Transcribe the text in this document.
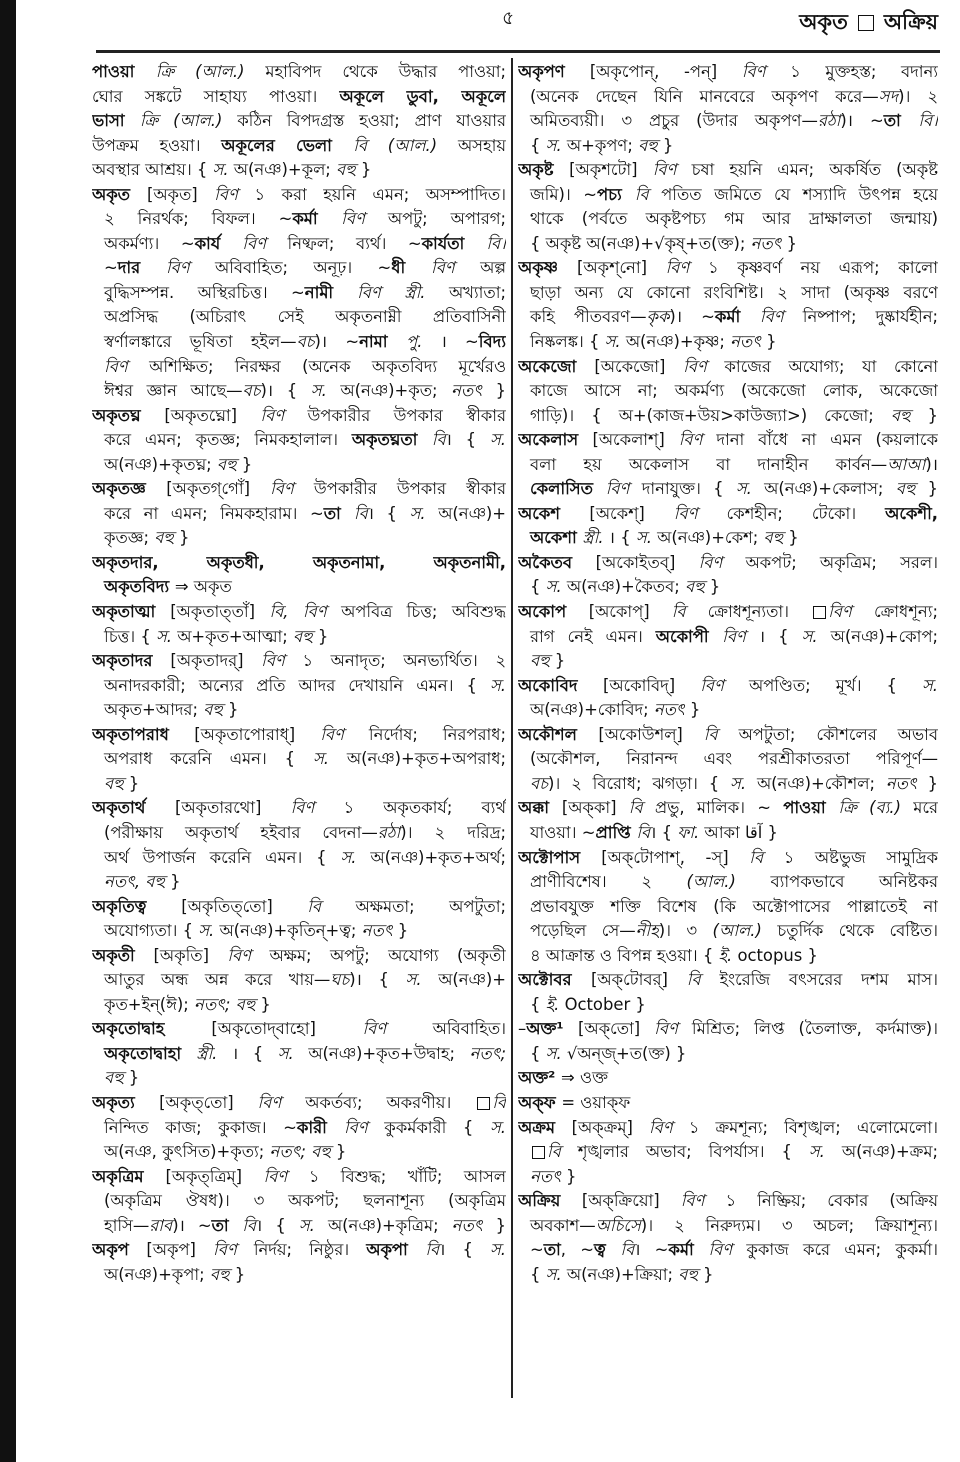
৫	অকৃত অক্রিয়
পাওয়া ক্রি (আল.) মহাবিপদ থেকে উদ্ধার পাওয়া;
ঘোর সঙ্কটে সাহায্য পাওয়া। অকূলে ডুবা, অকূলে
ভাসা ক্রি (আল.) কঠিন বিপদগ্রস্ত হওয়া; প্রাণ যাওয়ার
উপক্রম হওয়া। অকূলের ভেলা বি (আল.) অসহায়
অবস্থার আশ্রয়। { স. অ(নঞ)+কূল; বহু }
অকৃত [অকৃত] বিণ ১ করা হয়নি এমন; অসম্পাদিত।
২ নিরর্থক; বিফল। ~কর্মা বিণ অপটু; অপারগ;
অকর্মণ্য। ~কার্য বিণ নিষ্ফল; ব্যর্থ। ~কার্যতা বি।
~দার বিণ অবিবাহিত; অনূঢ়। ~ধী বিণ অল্প
বুদ্ধিসম্পন্ন. অস্থিরচিত্ত। ~নামী বিণ স্ত্রী. অখ্যাতা;
অপ্রসিদ্ধ (অচিরাৎ সেই অকৃতনাম্নী প্রতিবাসিনী
স্বর্ণালঙ্কারে ভূষিতা হইল—বচ)। ~নামা পু. । ~বিদ্য
বিণ অশিক্ষিত; নিরক্ষর (অনেক অকৃতবিদ্য মূর্খেরও
ঈশ্বর জ্ঞান আছে—বচ)। { স. অ(নঞ)+কৃত; নতৎ }
অকৃতঘ্ন [অকৃতঘ্নো] বিণ উপকারীর উপকার স্বীকার
করে এমন; কৃতজ্ঞ; নিমকহালাল। অকৃতঘ্নতা বি। { স.
অ(নঞ)+কৃতঘ্ন; বহু }
অকৃতজ্ঞ [অকৃতগ্‌গোঁ] বিণ উপকারীর উপকার স্বীকার
করে না এমন; নিমকহারাম। ~তা বি। { স. অ(নঞ)+
কৃতজ্ঞ; বহু }
অকৃতদার, অকৃতধী, অকৃতনামা, অকৃতনামী,
অকৃতবিদ্য ⇒ অকৃত
অকৃতাত্মা [অকৃতাত্‌তাঁ] বি, বিণ অপবিত্র চিত্ত; অবিশুদ্ধ
চিত্ত। { স. অ+কৃত+আত্মা; বহু }
অকৃতাদর [অকৃতাদর্] বিণ ১ অনাদৃত; অনভ্যর্থিত। ২
অনাদরকারী; অন্যের প্রতি আদর দেখায়নি এমন। { স.
অকৃত+আদর; বহু }
অকৃতাপরাধ [অকৃতাপোরাধ্] বিণ নির্দোষ; নিরপরাধ;
অপরাধ করেনি এমন। { স. অ(নঞ)+কৃত+অপরাধ;
বহু }
অকৃতার্থ [অকৃতারথো] বিণ ১ অকৃতকার্য; ব্যর্থ
(পরীক্ষায় অকৃতার্থ হইবার বেদনা—রঠা)। ২ দরিদ্র;
অর্থ উপার্জন করেনি এমন। { স. অ(নঞ)+কৃত+অর্থ;
নতৎ, বহু }
অকৃতিত্ব [অকৃতিত্‌তো] বি অক্ষমতা; অপটুতা;
অযোগ্যতা। { স. অ(নঞ)+কৃতিন্+ত্ব; নতৎ }
অকৃতী [অকৃতি] বিণ অক্ষম; অপটু; অযোগ্য (অকৃতী
আতুর অন্ধ অন্ন করে খায়—ঘচ)। { স. অ(নঞ)+
কৃত+ইন্(ঈ); নতৎ; বহু }
অকৃতোদ্বাহ [অকৃতোদ্‌বাহো] বিণ অবিবাহিত।
অকৃতোদ্বাহা স্ত্রী. । { স. অ(নঞ)+কৃত+উদ্বাহ; নতৎ;
বহু }
অকৃত্য [অকৃত্‌তো] বিণ অকর্তব্য; অকরণীয়। বি
নিন্দিত কাজ; কুকাজ। ~কারী বিণ কুকর্মকারী { স.
অ(নঞ, কুৎসিত)+কৃত্য; নতৎ; বহু }
অকৃত্রিম [অকৃত্‌ত্রিম্] বিণ ১ বিশুদ্ধ; খাঁটি; আসল
(অকৃত্রিম ঔষধ)। ৩ অকপট; ছলনাশূন্য (অকৃত্রিম
হাসি—রাব)। ~তা বি। { স. অ(নঞ)+কৃত্রিম; নতৎ }
অকৃপ [অকৃপ] বিণ নির্দয়; নিষ্ঠুর। অকৃপা বি। { স.
অ(নঞ)+কৃপা; বহু }
অকৃপণ [অকৃপোন্, -পন্] বিণ ১ মুক্তহস্ত; বদান্য
(অনেক দেছেন যিনি মানবেরে অকৃপণ করে—সদ)। ২
অমিতব্যয়ী। ৩ প্রচুর (উদার অকৃপণ—রঠা)। ~তা বি।
{ স. অ+কৃপণ; বহু }
অকৃষ্ট [অকৃশটো] বিণ চষা হয়নি এমন; অকর্ষিত (অকৃষ্ট
জমি)। ~পচ্য বি পতিত জমিতে যে শস্যাদি উৎপন্ন হয়ে
থাকে (পর্বতে অকৃষ্টপচ্য গম আর দ্রাক্ষালতা জন্মায়)
{ অকৃষ্ট অ(নঞ)+√কৃষ্+ত(ক্ত); নতৎ }
অকৃষ্ণ [অকৃশ্‌নো] বিণ ১ কৃষ্ণবর্ণ নয় এরূপ; কালো
ছাড়া অন্য যে কোনো রংবিশিষ্ট। ২ সাদা (অকৃষ্ণ বরণে
কহি পীতবরণ—কৃক)। ~কর্মা বিণ নিষ্পাপ; দুষ্কার্যহীন;
নিষ্কলঙ্ক। { স. অ(নঞ)+কৃষ্ণ; নতৎ }
অকেজো [অকেজো] বিণ কাজের অযোগ্য; যা কোনো
কাজে আসে না; অকর্মণ্য (অকেজো লোক, অকেজো
গাড়ি)। { অ+(কাজ+উয়>কাউজ্যা>) কেজো; বহু }
অকেলাস [অকেলাশ্] বিণ দানা বাঁধে না এমন (কয়লাকে
বলা হয় অকেলাস বা দানাহীন কার্বন—আআ)।
কেলাসিত বিণ দানাযুক্ত। { স. অ(নঞ)+কেলাস; বহু }
অকেশ [অকেশ্] বিণ কেশহীন; টেকো। অকেশী,
অকেশা স্ত্রী. । { স. অ(নঞ)+কেশ; বহু }
অকৈতব [অকোইতব্] বিণ অকপট; অকৃত্রিম; সরল।
{ স. অ(নঞ)+কৈতব; বহু }
অকোপ [অকোপ্] বি ক্রোধশূন্যতা। বিণ ক্রোধশূন্য;
রাগ নেই এমন। অকোপী বিণ । { স. অ(নঞ)+কোপ;
বহু }
অকোবিদ [অকোবিদ্] বিণ অপণ্ডিত; মূর্খ। { স.
অ(নঞ)+কোবিদ; নতৎ }
অকৌশল [অকোউশল্] বি অপটুতা; কৌশলের অভাব
(অকৌশল, নিরানন্দ এবং পরশ্রীকাতরতা পরিপূর্ণ—
বচ)। ২ বিরোধ; ঝগড়া। { স. অ(নঞ)+কৌশল; নতৎ }
অক্কা [অক্‌কা] বি প্রভু, মালিক। ~ পাওয়া ক্রি (ব্য.) মরে
যাওয়া। ~প্রাপ্তি বি। { ফা. আকা آقا }
অক্টোপাস [অক্‌টোপাশ্, -স্] বি ১ অষ্টভুজ সামুদ্রিক
প্রাণীবিশেষ। ২ (আল.) ব্যাপকভাবে অনিষ্টকর
প্রভাবযুক্ত শক্তি বিশেষ (কি অক্টোপাসের পাল্লাতেই না
পড়েছিল সে—নীহ)। ৩ (আল.) চতুর্দিক থেকে বেষ্টিত।
৪ আক্রান্ত ও বিপন্ন হওয়া। { ই. octopus }
অক্টোবর [অক্‌টোবর্] বি ইংরেজি বৎসরের দশম মাস।
{ ই. October }
–অক্ত¹ [অক্‌তো] বিণ মিশ্রিত; লিপ্ত (তৈলাক্ত, কর্দমাক্ত)।
{ স. √অন্জ্+ত(ক্ত) }
অক্ত² ⇒ ওক্ত
অক্ফ = ওয়াক্ফ
অক্রম [অক্‌ক্রম্] বিণ ১ ক্রমশূন্য; বিশৃঙ্খল; এলোমেলো।
বি শৃঙ্খলার অভাব; বিপর্যাস। { স. অ(নঞ)+ক্রম;
নতৎ }
অক্রিয় [অক্‌ক্রিয়ো] বিণ ১ নিষ্ক্রিয়; বেকার (অক্রিয়
অবকাশ—অচিসে)। ২ নিরুদ্যম। ৩ অচল; ক্রিয়াশূন্য।
~তা, ~ত্ব বি। ~কর্মা বিণ কুকাজ করে এমন; কুকর্মা।
{ স. অ(নঞ)+ক্রিয়া; বহু }
